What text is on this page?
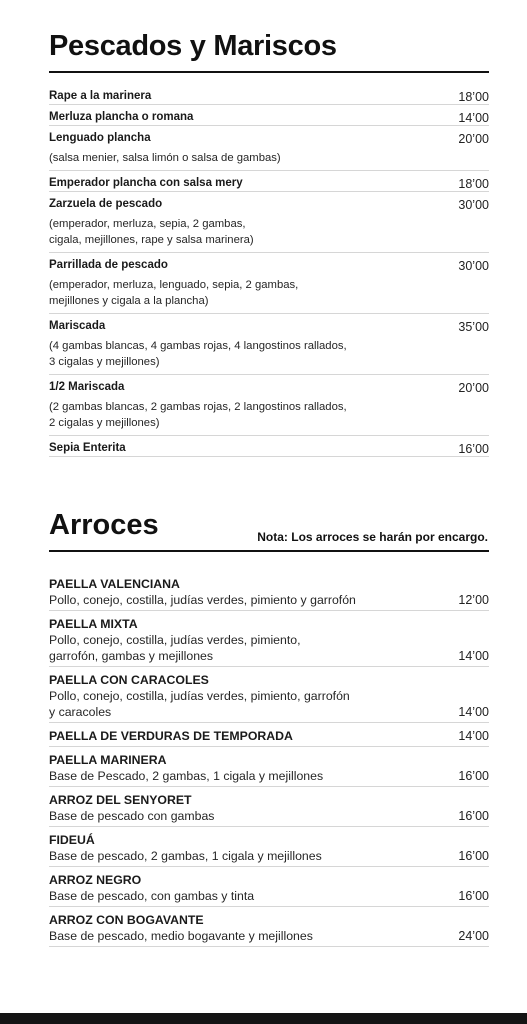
Pescados y Mariscos
Rape a la marinera	18’00
Merluza plancha o romana	14’00
Lenguado plancha	20’00
(salsa menier, salsa limón o salsa de gambas)
Emperador plancha con salsa mery	18’00
Zarzuela de pescado	30’00
(emperador, merluza, sepia, 2 gambas,
cigala, mejillones, rape y salsa marinera)
Parrillada de pescado	30’00
(emperador, merluza, lenguado, sepia, 2 gambas,
mejillones y cigala a la plancha)
Mariscada	35’00
(4 gambas blancas, 4 gambas rojas, 4 langostinos rallados,
3 cigalas y mejillones)
1/2 Mariscada	20’00
(2 gambas blancas, 2 gambas rojas, 2 langostinos rallados,
2 cigalas y mejillones)
Sepia Enterita	16’00
Arroces	Nota: Los arroces se harán por encargo.
PAELLA VALENCIANA
Pollo, conejo, costilla, judías verdes, pimiento y garrofón	12’00
PAELLA MIXTA
Pollo, conejo, costilla, judías verdes, pimiento,
garrofón, gambas y mejillones	14’00
PAELLA CON CARACOLES
Pollo, conejo, costilla, judías verdes, pimiento, garrofón
y caracoles	14’00
PAELLA DE VERDURAS DE TEMPORADA	14’00
PAELLA MARINERA
Base de Pescado, 2 gambas, 1 cigala y mejillones	16’00
ARROZ DEL SENYORET
Base de pescado con gambas	16’00
FIDEUÁ
Base de pescado, 2 gambas, 1 cigala y mejillones	16’00
ARROZ NEGRO
Base de pescado, con gambas y tinta	16’00
ARROZ CON BOGAVANTE
Base de pescado, medio bogavante y mejillones	24’00
